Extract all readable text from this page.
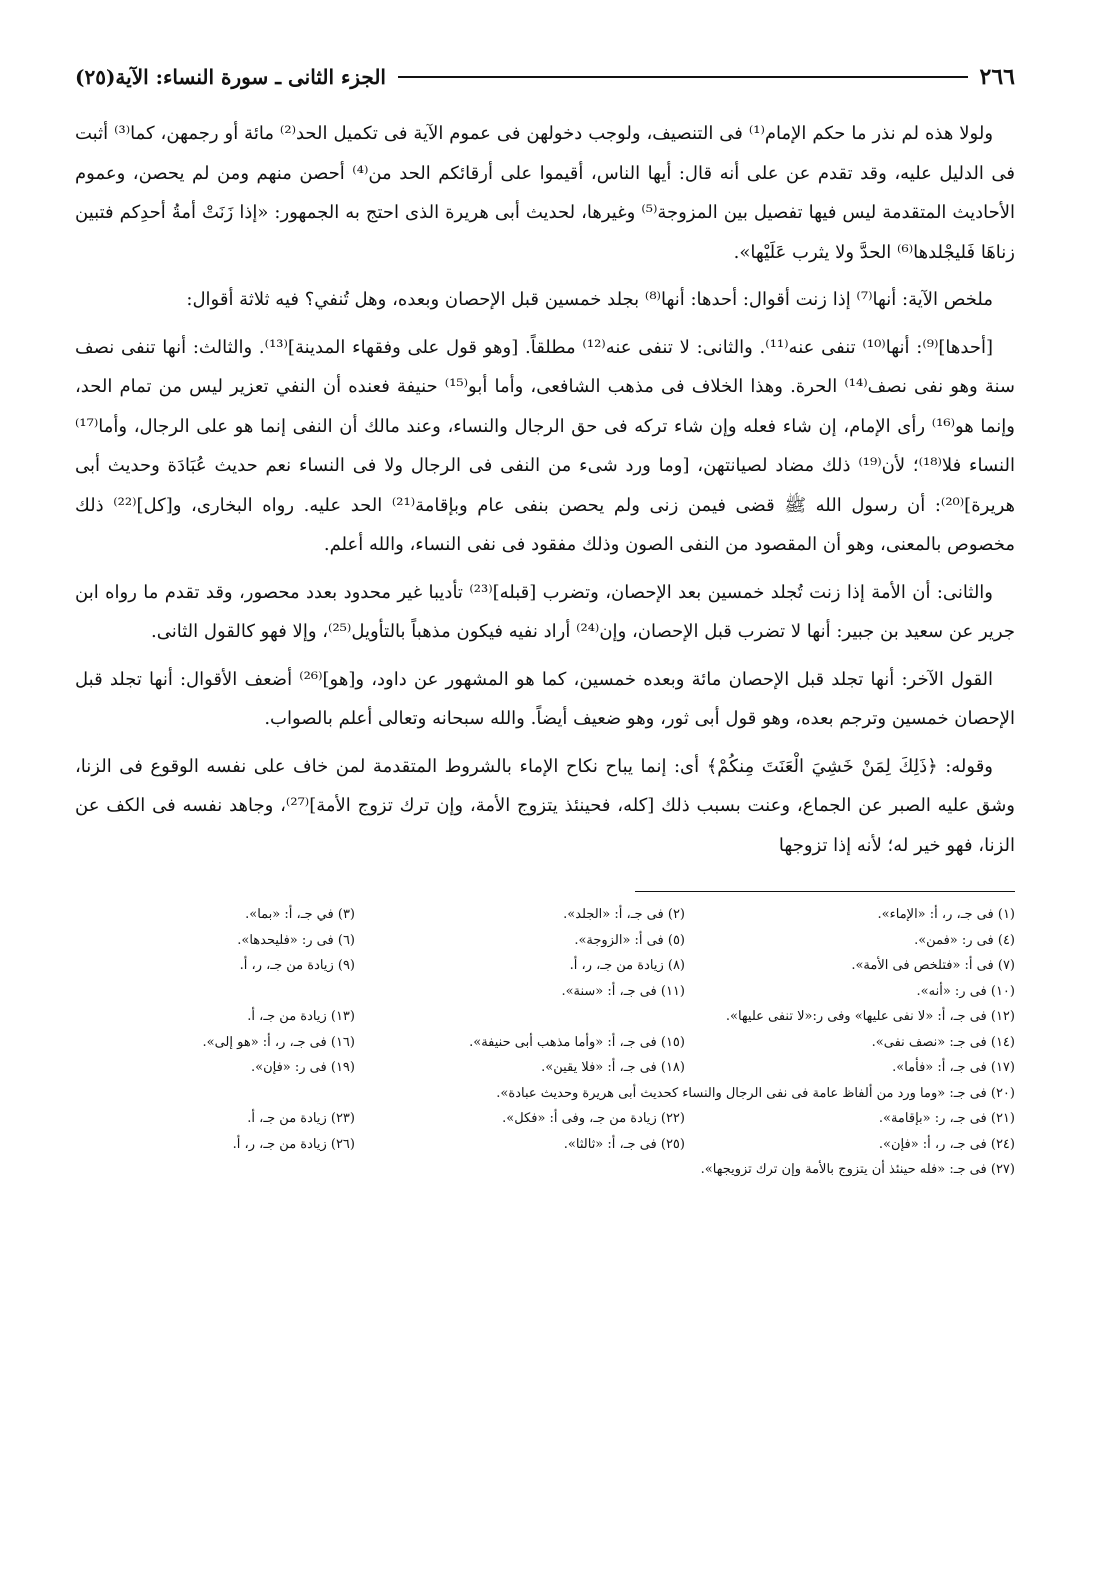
٢٦٦
الجزء الثانى ـ سورة النساء: الآية(٢٥)

ولولا هذه لم نذر ما حكم الإمام⁽¹⁾ فى التنصيف، ولوجب دخولهن فى عموم الآية فى تكميل الحد⁽²⁾ مائة أو رجمهن، كما⁽³⁾ أثبت فى الدليل عليه، وقد تقدم عن على أنه قال: أيها الناس، أقيموا على أرقائكم الحد من⁽⁴⁾ أحصن منهم ومن لم يحصن، وعموم الأحاديث المتقدمة ليس فيها تفصيل بين المزوجة⁽⁵⁾ وغيرها، لحديث أبى هريرة الذى احتج به الجمهور: «إذا زَنَتْ أمةُ أحدِكم فتبين زناهَا فَليجْلدها⁽⁶⁾ الحدَّ ولا يثرب عَلَيْها».

ملخص الآية: أنها⁽⁷⁾ إذا زنت أقوال: أحدها: أنها⁽⁸⁾ بجلد خمسين قبل الإحصان وبعده، وهل تُنفي؟ فيه ثلاثة أقوال:

[أحدها]⁽⁹⁾: أنها⁽¹⁰⁾ تنفى عنه⁽¹¹⁾. والثانى: لا تنفى عنه⁽¹²⁾ مطلقاً. [وهو قول على وفقهاء المدينة]⁽¹³⁾. والثالث: أنها تنفى نصف سنة وهو نفى نصف⁽¹⁴⁾ الحرة. وهذا الخلاف فى مذهب الشافعى، وأما أبو⁽¹⁵⁾ حنيفة فعنده أن النفي تعزير ليس من تمام الحد، وإنما هو⁽¹⁶⁾ رأى الإمام، إن شاء فعله وإن شاء تركه فى حق الرجال والنساء، وعند مالك أن النفى إنما هو على الرجال، وأما⁽¹⁷⁾ النساء فلا⁽¹⁸⁾؛ لأن⁽¹⁹⁾ ذلك مضاد لصيانتهن، [وما ورد شىء من النفى فى الرجال ولا فى النساء نعم حديث عُبَادَة وحديث أبى هريرة]⁽²⁰⁾: أن رسول الله ﷺ قضى فيمن زنى ولم يحصن بنفى عام وبإقامة⁽²¹⁾ الحد عليه. رواه البخارى، و[كل]⁽²²⁾ ذلك مخصوص بالمعنى، وهو أن المقصود من النفى الصون وذلك مفقود فى نفى النساء، والله أعلم.

والثانى: أن الأمة إذا زنت تُجلد خمسين بعد الإحصان، وتضرب [قبله]⁽²³⁾ تأديبا غير محدود بعدد محصور، وقد تقدم ما رواه ابن جرير عن سعيد بن جبير: أنها لا تضرب قبل الإحصان، وإن⁽²⁴⁾ أراد نفيه فيكون مذهباً بالتأويل⁽²⁵⁾، وإلا فهو كالقول الثانى.

القول الآخر: أنها تجلد قبل الإحصان مائة وبعده خمسين، كما هو المشهور عن داود، و[هو]⁽²⁶⁾ أضعف الأقوال: أنها تجلد قبل الإحصان خمسين وترجم بعده، وهو قول أبى ثور، وهو ضعيف أيضاً. والله سبحانه وتعالى أعلم بالصواب.

وقوله: ﴿ذَلِكَ لِمَنْ خَشِيَ الْعَنَتَ مِنكُمْ﴾ أى: إنما يباح نكاح الإماء بالشروط المتقدمة لمن خاف على نفسه الوقوع فى الزنا، وشق عليه الصبر عن الجماع، وعنت بسبب ذلك [كله، فحينئذ يتزوج الأمة، وإن ترك تزوج الأمة]⁽²⁷⁾، وجاهد نفسه فى الكف عن الزنا، فهو خير له؛ لأنه إذا تزوجها

(١) فى جـ، ر، أ: «الإماء».
(٢) فى جـ، أ: «الجلد».
(٣) في جـ، أ: «بما».
(٤) فى ر: «فمن».
(٥) فى أ: «الزوجة».
(٦) فى ر: «فليحدها».
(٧) فى أ: «فتلخص فى الأمة».
(٨) زيادة من جـ، ر، أ.
(٩) زيادة من جـ، ر، أ.
(١٠) فى ر: «أنه».
(١١) فى جـ، أ: «سنة».
(١٢) فى جـ، أ: «لا نفى عليها» وفى ر:«لا تنفى عليها».
(١٣) زيادة من جـ، أ.
(١٤) فى جـ: «نصف نفى».
(١٥) فى جـ، أ: «وأما مذهب أبى حنيفة».
(١٦) فى جـ، ر، أ: «هو إلى».
(١٧) فى جـ، أ: «فأما».
(١٨) فى جـ، أ: «فلا يقين».
(١٩) فى ر: «فإن».
(٢٠) فى جـ: «وما ورد من ألفاظ عامة فى نفى الرجال والنساء كحديث أبى هريرة وحديث عبادة».
(٢١) فى جـ، ر: «بإقامة».
(٢٢) زيادة من جـ، وفى أ: «فكل».
(٢٣) زيادة من جـ، أ.
(٢٤) فى جـ، ر، أ: «فإن».
(٢٥) فى جـ، أ: «ثالثا».
(٢٦) زيادة من جـ، ر، أ.
(٢٧) فى جـ: «فله حينئذ أن يتزوج بالأمة وإن ترك تزويجها».
